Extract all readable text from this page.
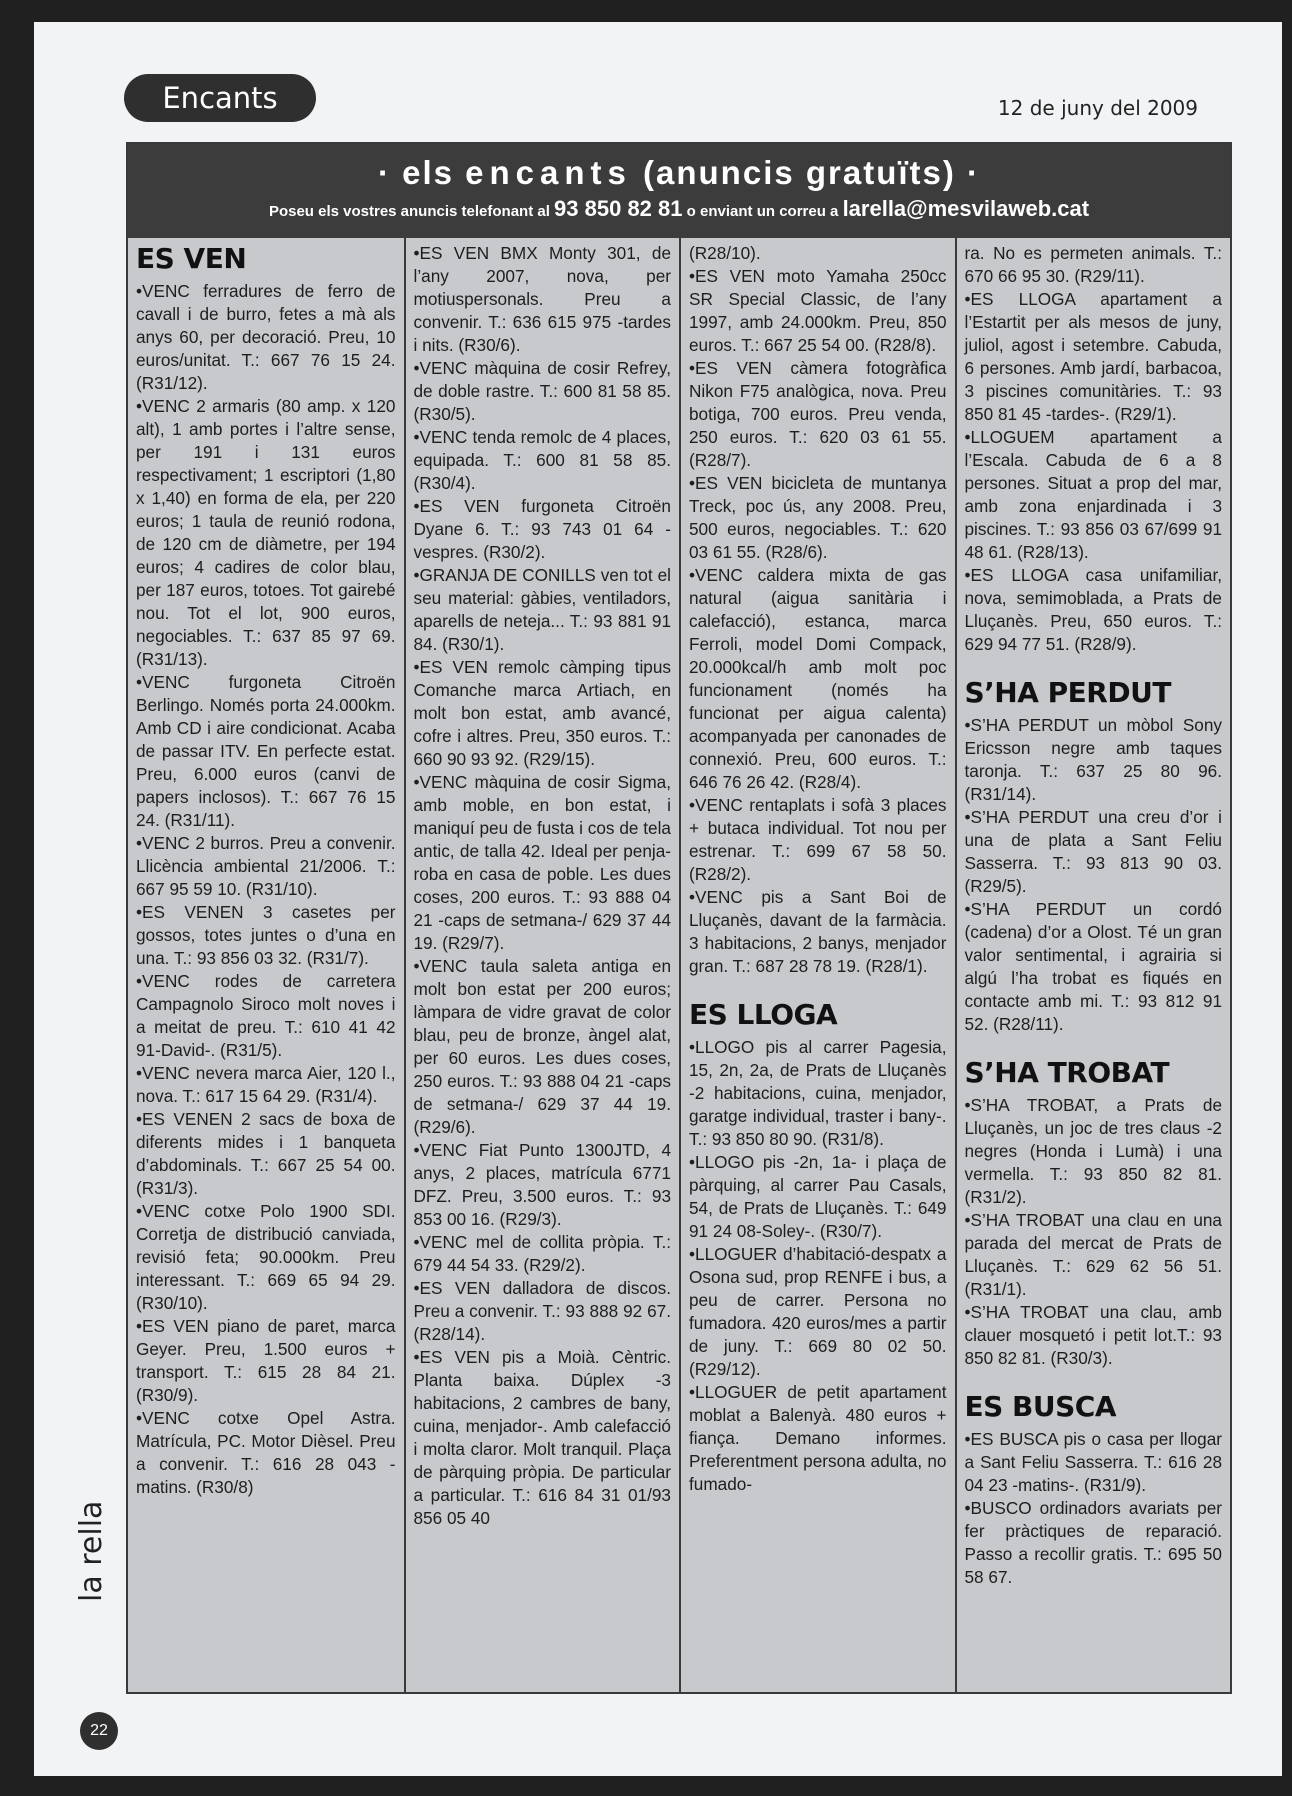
Encants	12 de juny del 2009
· els encants (anuncis gratuïts) ·
Poseu els vostres anuncis telefonant al 93 850 82 81 o enviant un correu a larella@mesvilaweb.cat
ES VEN

•VENC ferradures de ferro de cavall i de burro, fetes a mà als anys 60, per decoració. Preu, 10 euros/unitat. T.: 667 76 15 24. (R31/12).

•VENC 2 armaris (80 amp. x 120 alt), 1 amb portes i l’altre sense, per 191 i 131 euros respectivament; 1 escriptori (1,80 x 1,40) en forma de ela, per 220 euros; 1 taula de reunió rodona, de 120 cm de diàmetre, per 194 euros; 4 cadires de color blau, per 187 euros, totoes. Tot gairebé nou. Tot el lot, 900 euros, negociables. T.: 637 85 97 69. (R31/13).

•VENC furgoneta Citroën Berlingo. Només porta 24.000km. Amb CD i aire condicionat. Acaba de passar ITV. En perfecte estat. Preu, 6.000 euros (canvi de papers inclosos). T.: 667 76 15 24. (R31/11).

•VENC 2 burros. Preu a convenir. Llicència ambiental 21/2006. T.: 667 95 59 10. (R31/10).

•ES VENEN 3 casetes per gossos, totes juntes o d’una en una. T.: 93 856 03 32. (R31/7).

•VENC rodes de carretera Campagnolo Siroco molt noves i a meitat de preu. T.: 610 41 42 91-David-. (R31/5).

•VENC nevera marca Aier, 120 l., nova. T.: 617 15 64 29. (R31/4).

•ES VENEN 2 sacs de boxa de diferents mides i 1 banqueta d’abdominals. T.: 667 25 54 00. (R31/3).

•VENC cotxe Polo 1900 SDI. Corretja de distribució canviada, revisió feta; 90.000km. Preu interessant. T.: 669 65 94 29. (R30/10).

•ES VEN piano de paret, marca Geyer. Preu, 1.500 euros + transport. T.: 615 28 84 21. (R30/9).

•VENC cotxe Opel Astra. Matrícula, PC. Motor Dièsel. Preu a convenir. T.: 616 28 043 -matins. (R30/8)

•ES VEN BMX Monty 301, de l’any 2007, nova, per motiuspersonals. Preu a convenir. T.: 636 615 975 -tardes i nits. (R30/6).

•VENC màquina de cosir Refrey, de doble rastre. T.: 600 81 58 85. (R30/5).

•VENC tenda remolc de 4 places, equipada. T.: 600 81 58 85. (R30/4).

•ES VEN furgoneta Citroën Dyane 6. T.: 93 743 01 64 -vespres. (R30/2).

•GRANJA DE CONILLS ven tot el seu material: gàbies, ventiladors, aparells de neteja... T.: 93 881 91 84. (R30/1).

•ES VEN remolc càmping tipus Comanche marca Artiach, en molt bon estat, amb avancé, cofre i altres. Preu, 350 euros. T.: 660 90 93 92. (R29/15).

•VENC màquina de cosir Sigma, amb moble, en bon estat, i maniquí peu de fusta i cos de tela antic, de talla 42. Ideal per penja-roba en casa de poble. Les dues coses, 200 euros. T.: 93 888 04 21 -caps de setmana-/ 629 37 44 19. (R29/7).

•VENC taula saleta antiga en molt bon estat per 200 euros; làmpara de vidre gravat de color blau, peu de bronze, àngel alat, per 60 euros. Les dues coses, 250 euros. T.: 93 888 04 21 -caps de setmana-/ 629 37 44 19. (R29/6).

•VENC Fiat Punto 1300JTD, 4 anys, 2 places, matrícula 6771 DFZ. Preu, 3.500 euros. T.: 93 853 00 16. (R29/3).

•VENC mel de collita pròpia. T.: 679 44 54 33. (R29/2).

•ES VEN dalladora de discos. Preu a convenir. T.: 93 888 92 67. (R28/14).

•ES VEN pis a Moià. Cèntric. Planta baixa. Dúplex -3 habitacions, 2 cambres de bany, cuina, menjador-. Amb calefacció i molta claror. Molt tranquil. Plaça de pàrquing pròpia. De particular a particular. T.: 616 84 31 01/93 856 05 40

(R28/10).

•ES VEN moto Yamaha 250cc SR Special Classic, de l’any 1997, amb 24.000km. Preu, 850 euros. T.: 667 25 54 00. (R28/8).

•ES VEN càmera fotogràfica Nikon F75 analògica, nova. Preu botiga, 700 euros. Preu venda, 250 euros. T.: 620 03 61 55. (R28/7).

•ES VEN bicicleta de muntanya Treck, poc ús, any 2008. Preu, 500 euros, negociables. T.: 620 03 61 55. (R28/6).

•VENC caldera mixta de gas natural (aigua sanitària i calefacció), estanca, marca Ferroli, model Domi Compack, 20.000kcal/h amb molt poc funcionament (només ha funcionat per aigua calenta) acompanyada per canonades de connexió. Preu, 600 euros. T.: 646 76 26 42. (R28/4).

•VENC rentaplats i sofà 3 places + butaca individual. Tot nou per estrenar. T.: 699 67 58 50. (R28/2).

•VENC pis a Sant Boi de Lluçanès, davant de la farmàcia. 3 habitacions, 2 banys, menjador gran. T.: 687 28 78 19. (R28/1).

ES LLOGA

•LLOGO pis al carrer Pagesia, 15, 2n, 2a, de Prats de Lluçanès -2 habitacions, cuina, menjador, garatge individual, traster i bany-. T.: 93 850 80 90. (R31/8).

•LLOGO pis -2n, 1a- i plaça de pàrquing, al carrer Pau Casals, 54, de Prats de Lluçanès. T.: 649 91 24 08-Soley-. (R30/7).

•LLOGUER d’habitació-despatx a Osona sud, prop RENFE i bus, a peu de carrer. Persona no fumadora. 420 euros/mes a partir de juny. T.: 669 80 02 50. (R29/12).

•LLOGUER de petit apartament moblat a Balenyà. 480 euros + fiança. Demano informes. Preferentment persona adulta, no fumado-

ra. No es permeten animals. T.: 670 66 95 30. (R29/11).

•ES LLOGA apartament a l’Estartit per als mesos de juny, juliol, agost i setembre. Cabuda, 6 persones. Amb jardí, barbacoa, 3 piscines comunitàries. T.: 93 850 81 45 -tardes-. (R29/1).

•LLOGUEM apartament a l’Escala. Cabuda de 6 a 8 persones. Situat a prop del mar, amb zona enjardinada i 3 piscines. T.: 93 856 03 67/699 91 48 61. (R28/13).

•ES LLOGA casa unifamiliar, nova, semimoblada, a Prats de Lluçanès. Preu, 650 euros. T.: 629 94 77 51. (R28/9).

S’HA PERDUT

•S’HA PERDUT un mòbol Sony Ericsson negre amb taques taronja. T.: 637 25 80 96. (R31/14).

•S’HA PERDUT una creu d’or i una de plata a Sant Feliu Sasserra. T.: 93 813 90 03. (R29/5).

•S’HA PERDUT un cordó (cadena) d’or a Olost. Té un gran valor sentimental, i agrairia si algú l’ha trobat es fiqués en contacte amb mi. T.: 93 812 91 52. (R28/11).

S’HA TROBAT

•S’HA TROBAT, a Prats de Lluçanès, un joc de tres claus -2 negres (Honda i Lumà) i una vermella. T.: 93 850 82 81. (R31/2).

•S’HA TROBAT una clau en una parada del mercat de Prats de Lluçanès. T.: 629 62 56 51. (R31/1).

•S’HA TROBAT una clau, amb clauer mosquetó i petit lot.T.: 93 850 82 81. (R30/3).

ES BUSCA

•ES BUSCA pis o casa per llogar a Sant Feliu Sasserra. T.: 616 28 04 23 -matins-. (R31/9).

•BUSCO ordinadors avariats per fer pràctiques de reparació. Passo a recollir gratis. T.: 695 50 58 67.

la rella
22
